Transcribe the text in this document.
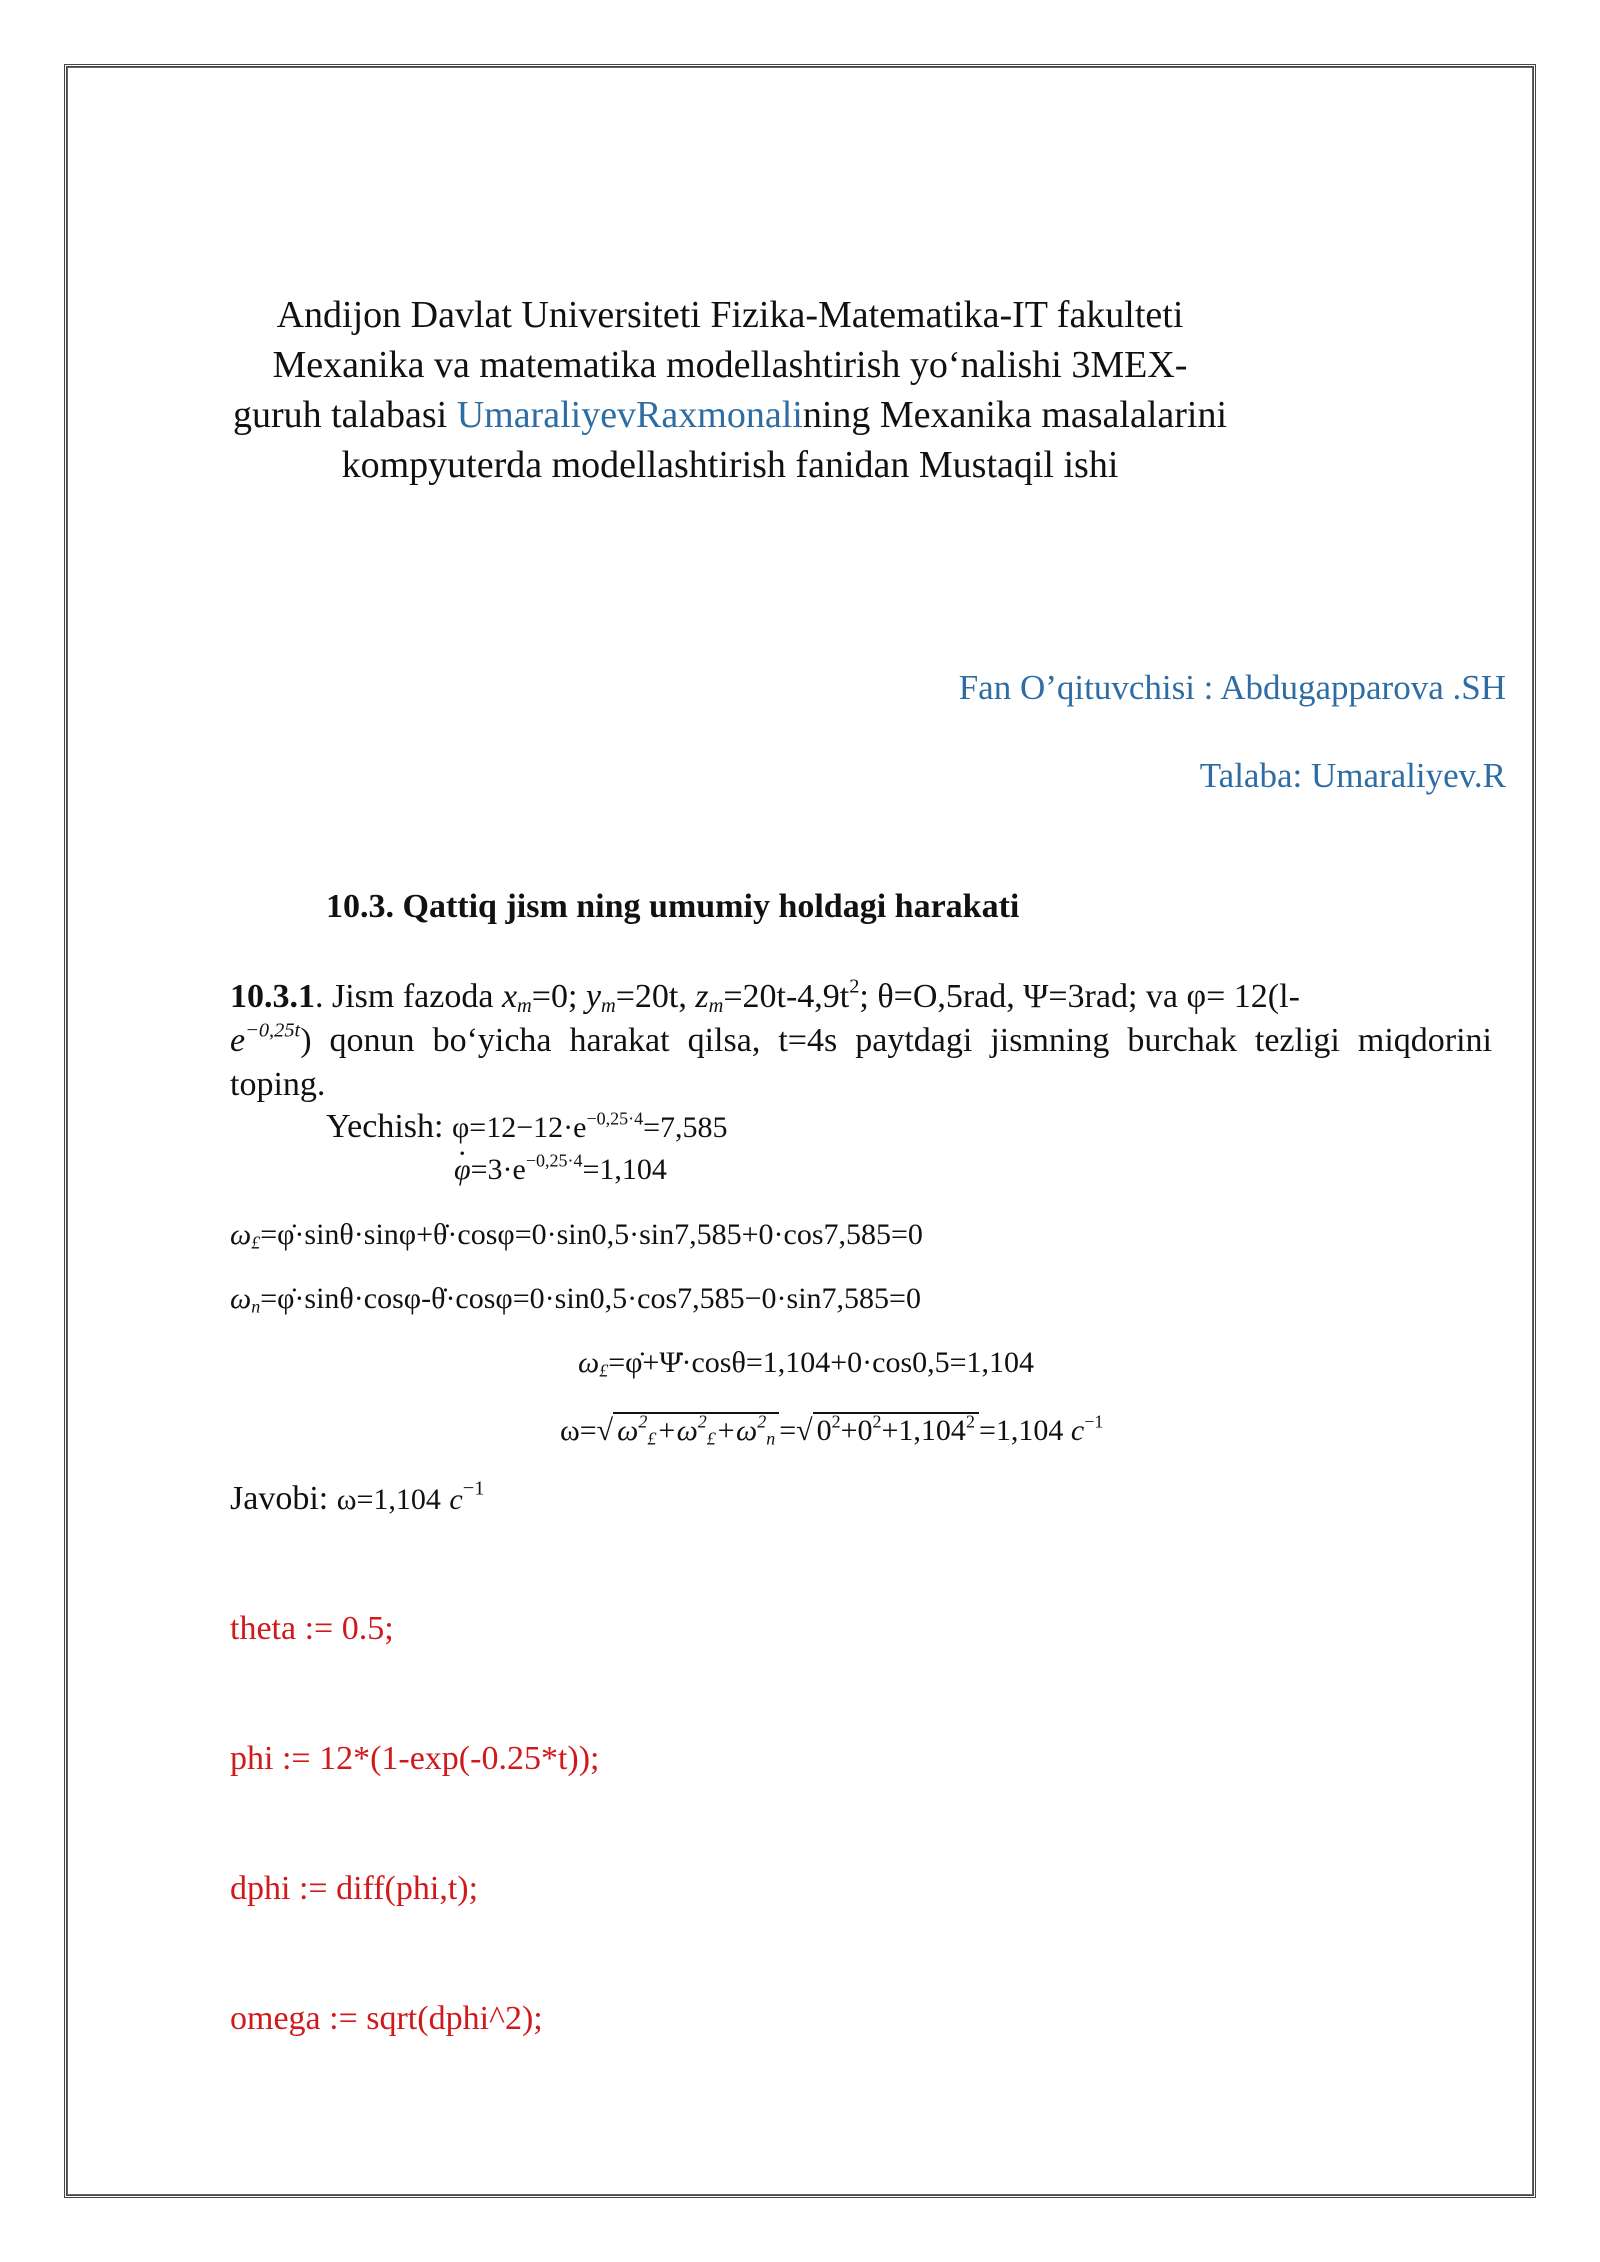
Andijon Davlat Universiteti Fizika-Matematika-IT fakulteti Mexanika va matematika modellashtirish yo‘nalishi 3MEX-guruh talabasi UmaraliyevRaxmonalining Mexanika masalalarini kompyuterda modellashtirish fanidan Mustaqil ishi
Fan O’qituvchisi : Abdugapparova .SH
Talaba: Umaraliyev.R
10.3. Qattiq jism ning umumiy holdagi harakati
10.3.1. Jism fazoda $x_m=0$; $y_m=20t$, $z_m=20t-4,9t^2$; θ=O,5rad, Ψ=3rad; va φ= 12(l-
$e^{-0,25t}$) qonun bo‘yicha harakat qilsa, t=4s paytdagi jismning burchak tezligi miqdorini toping.
Yechish: $\varphi=12-12\cdot e^{-0,25\cdot 4}=7,585$
$\varphi \cdot=3\cdot e^{-0,25\cdot 4}=1,104$
$\omega_£=\varphi̇\cdot\sin\theta\cdot\sin\varphi+\thetȧ\cdot\cos\varphi=0\cdot\sin 0,5\cdot\sin 7,585+0\cdot\cos 7,585=0$
$\omega_n=\varphi̇\cdot\sin\theta\cdot\cos\varphi-\thetȧ\cdot\cos\varphi=0\cdot\sin 0,5\cdot\cos 7,585-0\cdot\sin 7,585=0$
$\omega_£=\varphi̇+\Psi̇\cdot\cos\theta=1,104+0\cdot\cos 0,5=1,104$
ω=√ $\omega^2_£+\omega^2_£+\omega^2_n$ =√ $0^2+0^2+1,104^2 =1,104$ $c^{-1}$
Javobi: ω=1,104 $c^{-1}$
theta := 0.5;
phi := 12*(1-exp(-0.25*t));
dphi := diff(phi,t);
omega := sqrt(dphi^2);
